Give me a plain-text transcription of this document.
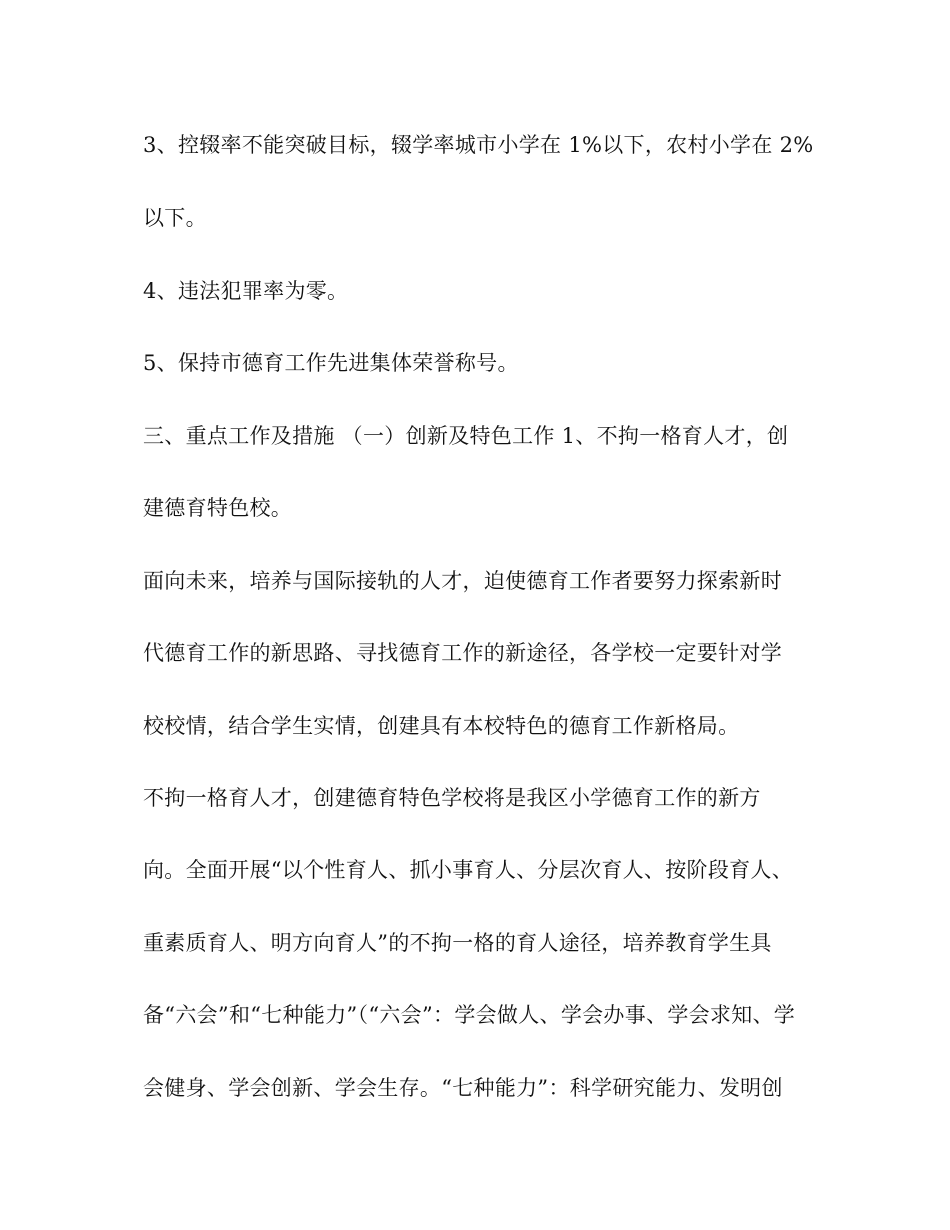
3、控辍率不能突破目标，辍学率城市小学在 1%以下，农村小学在 2%

以下。

4、违法犯罪率为零。

5、保持市德育工作先进集体荣誉称号。

三、重点工作及措施 （一）创新及特色工作 1、不拘一格育人才，创

建德育特色校。

面向未来，培养与国际接轨的人才，迫使德育工作者要努力探索新时

代德育工作的新思路、寻找德育工作的新途径，各学校一定要针对学

校校情，结合学生实情，创建具有本校特色的德育工作新格局。

不拘一格育人才，创建德育特色学校将是我区小学德育工作的新方

向。全面开展“以个性育人、抓小事育人、分层次育人、按阶段育人、

重素质育人、明方向育人”的不拘一格的育人途径，培养教育学生具

备“六会”和“七种能力”（“六会”：学会做人、学会办事、学会求知、学

会健身、学会创新、学会生存。“七种能力”：科学研究能力、发明创
